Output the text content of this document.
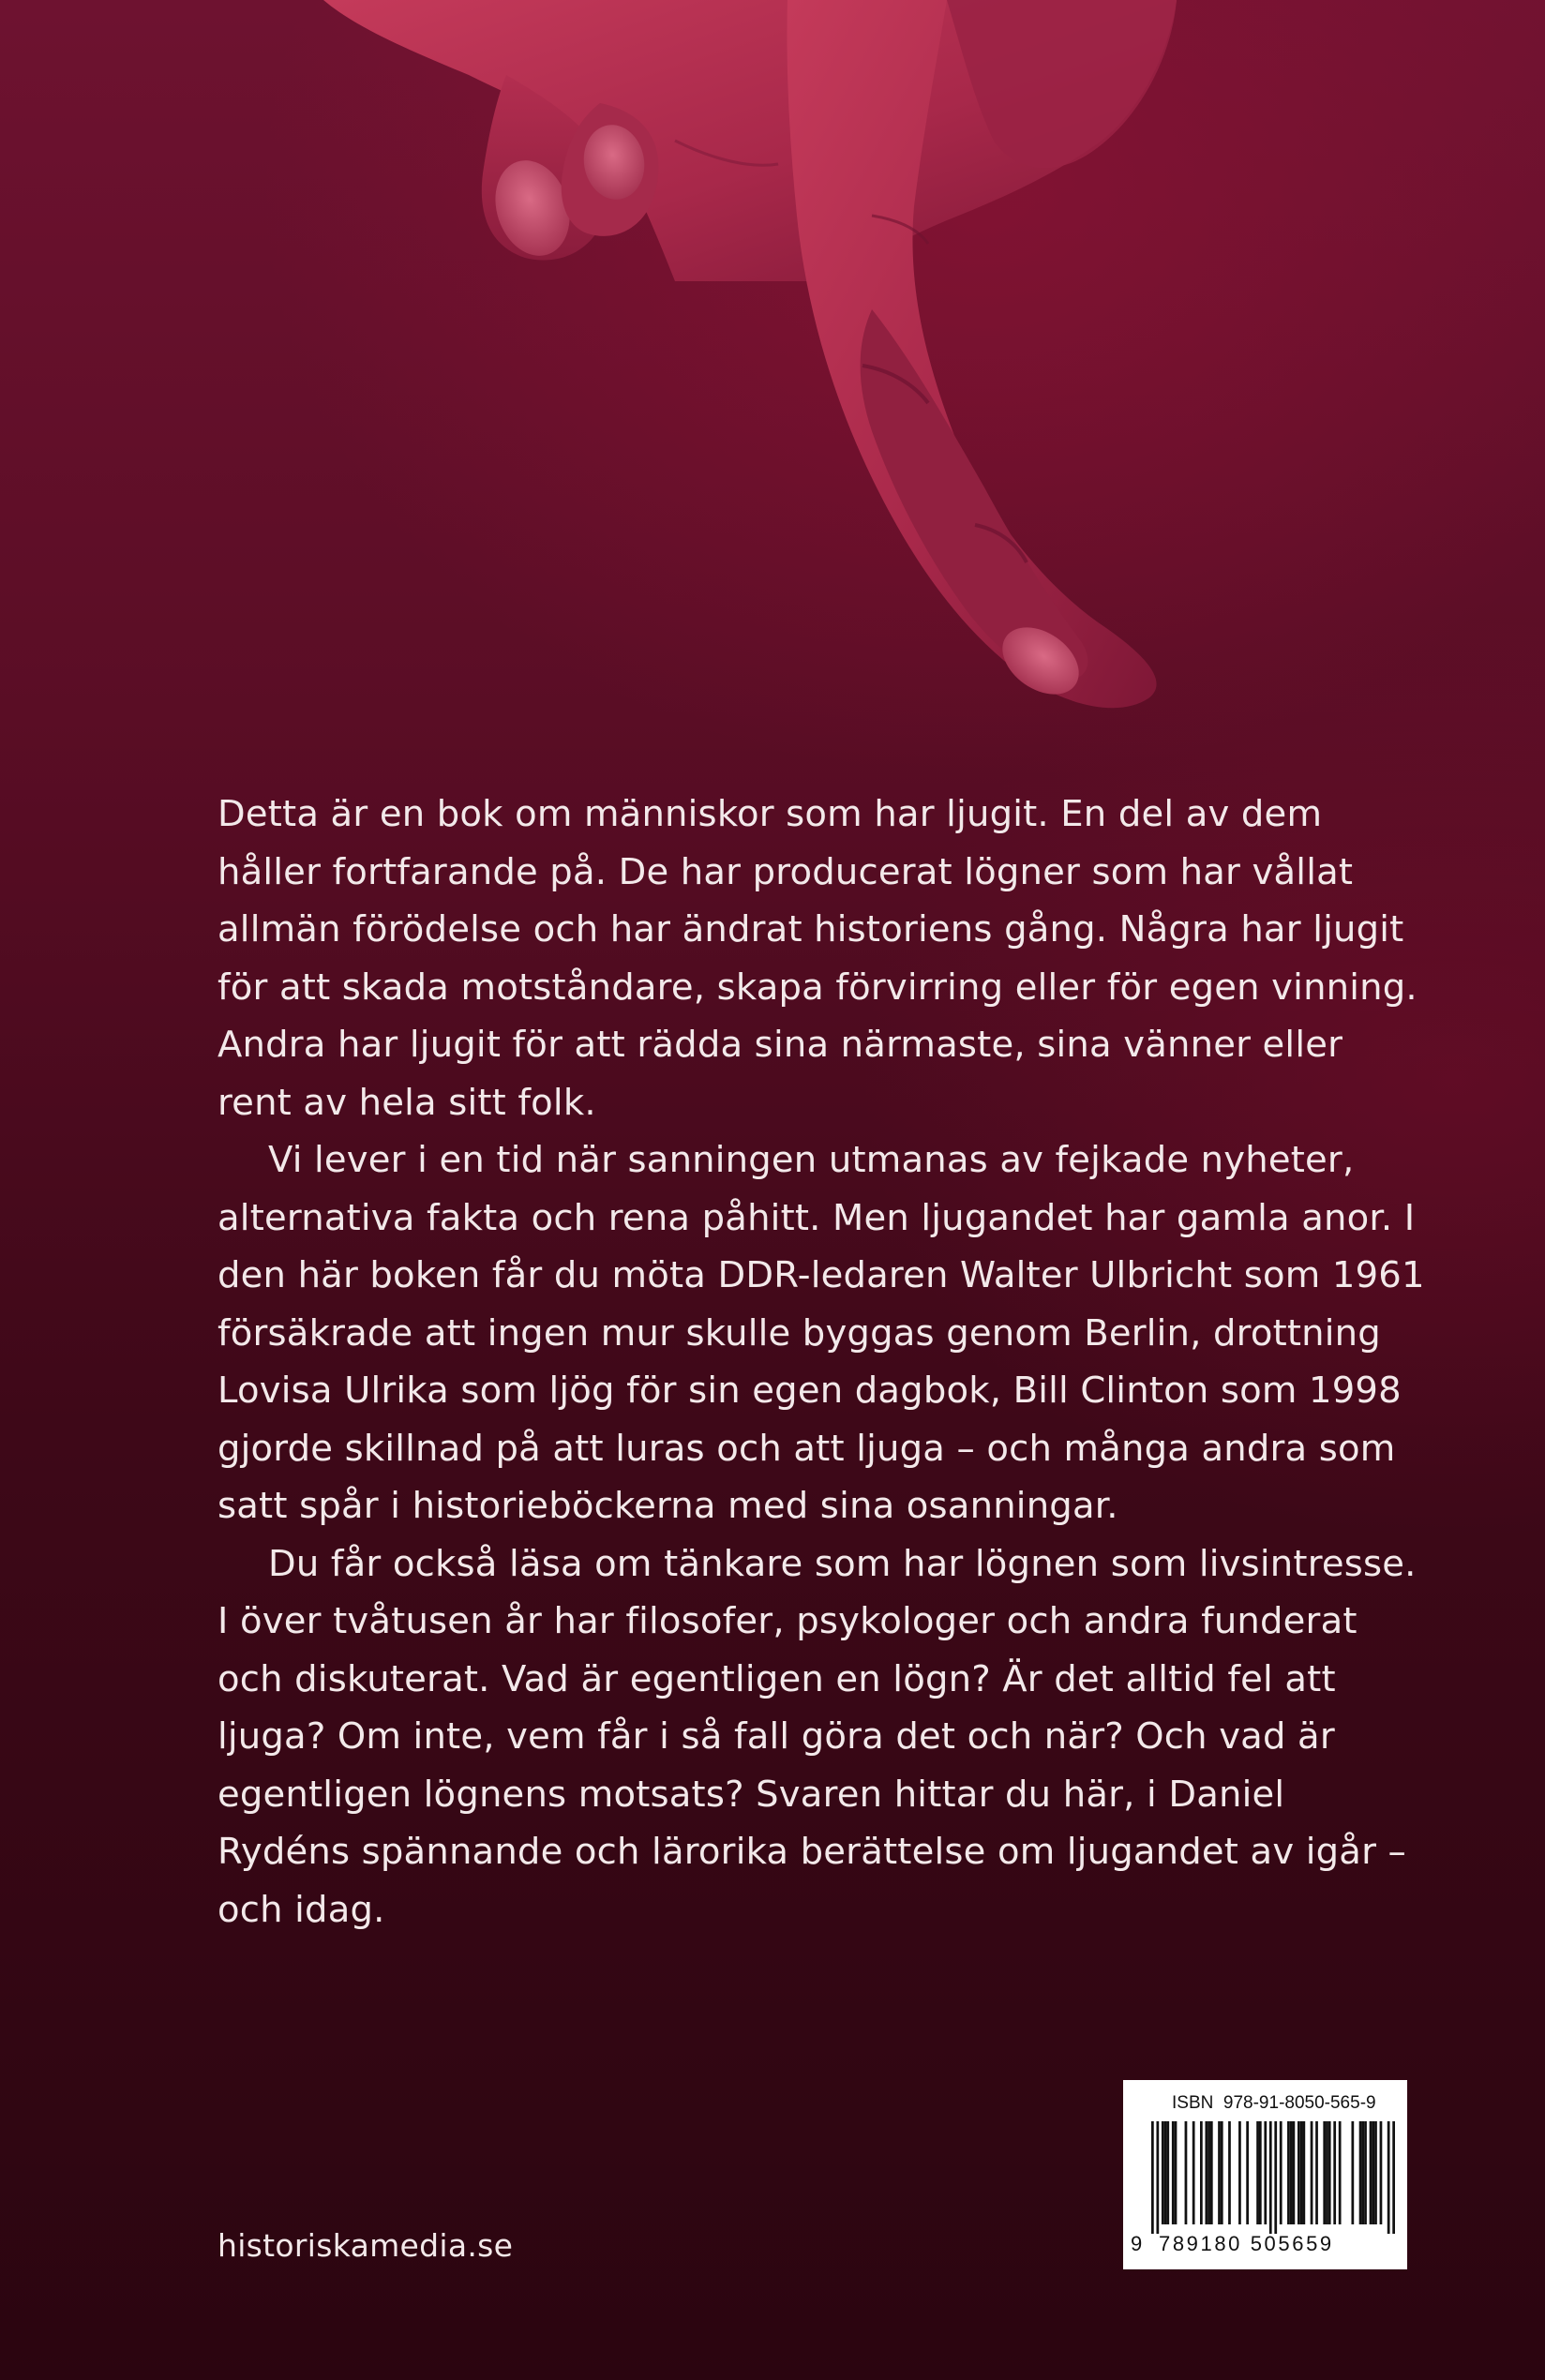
Detta är en bok om människor som har ljugit. En del av dem håller fortfarande på. De har producerat lögner som har vållat allmän förödelse och har ändrat historiens gång. Några har ljugit för att skada motståndare, skapa förvirring eller för egen vinning. Andra har ljugit för att rädda sina närmaste, sina vänner eller rent av hela sitt folk.

Vi lever i en tid när sanningen utmanas av fejkade nyheter, alternativa fakta och rena påhitt. Men ljugandet har gamla anor. I den här boken får du möta DDR-ledaren Walter Ulbricht som 1961 försäkrade att ingen mur skulle byggas genom Berlin, drottning Lovisa Ulrika som ljög för sin egen dagbok, Bill Clinton som 1998 gjorde skillnad på att luras och att ljuga – och många andra som satt spår i historieböckerna med sina osanningar.

Du får också läsa om tänkare som har lögnen som livsintresse. I över tvåtusen år har filosofer, psykologer och andra funderat och diskuterat. Vad är egentligen en lögn? Är det alltid fel att ljuga? Om inte, vem får i så fall göra det och när? Och vad är egentligen lögnens motsats? Svaren hittar du här, i Daniel Rydéns spännande och lärorika berättelse om ljugandet av igår – och idag.

ISBN  978-91-8050-565-9
9 789180 505659
historiskamedia.se
